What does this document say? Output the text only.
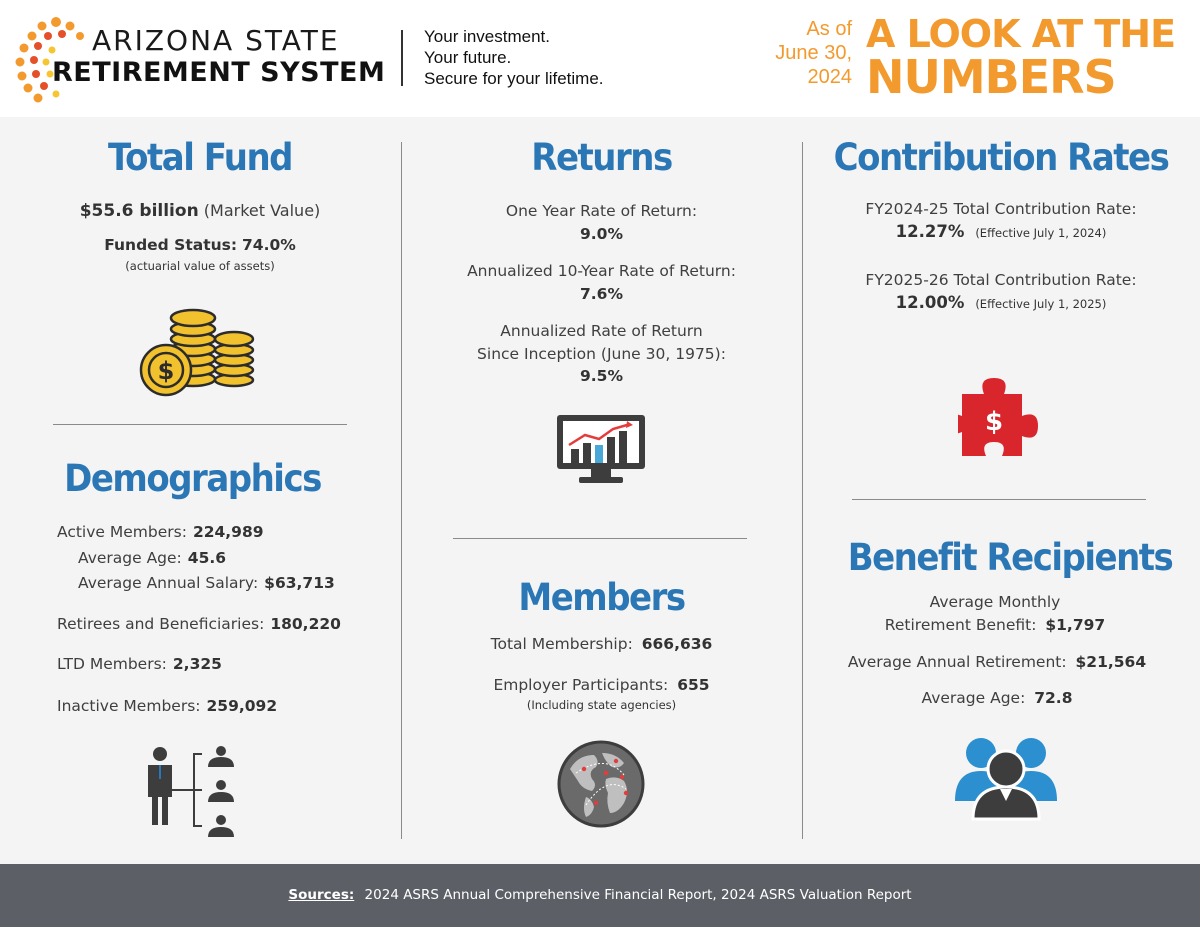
ARIZONA STATE
RETIREMENT SYSTEM
Your investment.
Your future.
Secure for your lifetime.
As of
June 30,
2024
A LOOK AT THE
NUMBERS
Total Fund
$55.6 billion (Market Value)
Funded Status: 74.0%
(actuarial value of assets)
$
Demographics
Active Members: 224,989
Average Age: 45.6
Average Annual Salary: $63,713
Retirees and Beneficiaries: 180,220
LTD Members: 2,325
Inactive Members: 259,092
Returns
One Year Rate of Return:
9.0%
Annualized 10-Year Rate of Return:
7.6%
Annualized Rate of Return
Since Inception (June 30, 1975):
9.5%
Members
Total Membership: 666,636
Employer Participants: 655
(Including state agencies)
Contribution Rates
FY2024-25 Total Contribution Rate:
12.27% (Effective July 1, 2024)
FY2025-26 Total Contribution Rate:
12.00% (Effective July 1, 2025)
$
Benefit Recipients
Average Monthly
Retirement Benefit: $1,797
Average Annual Retirement: $21,564
Average Age: 72.8
Sources: 2024 ASRS Annual Comprehensive Financial Report, 2024 ASRS Valuation Report
